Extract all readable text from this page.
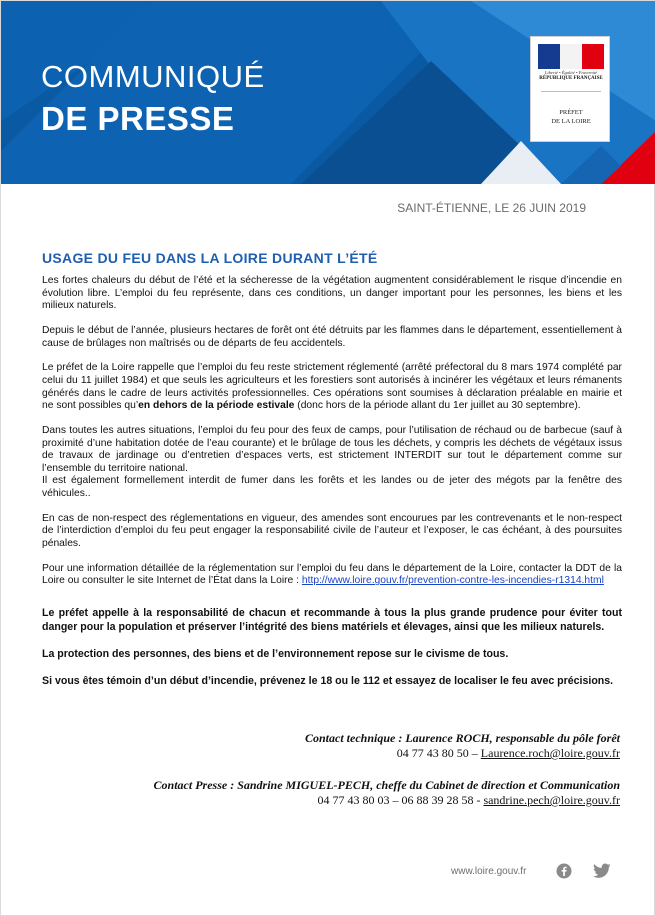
COMMUNIQUÉ
DE PRESSE
Liberté • Égalité • Fraternité
RÉPUBLIQUE FRANÇAISE
PRÉFET
DE LA LOIRE
SAINT-ÉTIENNE, LE 26 JUIN 2019
USAGE DU FEU DANS LA LOIRE DURANT L’ÉTÉ

Les fortes chaleurs du début de l’été et la sécheresse de la végétation augmentent considérablement le risque d’incendie en évolution libre. L’emploi du feu représente, dans ces conditions, un danger important pour les personnes, les biens et les milieux naturels.

Depuis le début de l’année, plusieurs hectares de forêt ont été détruits par les flammes dans le département, essentiellement à cause de brûlages non maîtrisés ou de départs de feu accidentels.

Le préfet de la Loire rappelle que l’emploi du feu reste strictement réglementé (arrêté préfectoral du 8 mars 1974 complété par celui du 11 juillet 1984) et que seuls les agriculteurs et les forestiers sont autorisés à incinérer les végétaux et leurs rémanents générés dans le cadre de leurs activités professionnelles. Ces opérations sont soumises à déclaration préalable en mairie et ne sont possibles qu’en dehors de la période estivale (donc hors de la période allant du 1er juillet au 30 septembre).

Dans toutes les autres situations, l’emploi du feu pour des feux de camps, pour l’utilisation de réchaud ou de barbecue (sauf à proximité d’une habitation dotée de l’eau courante) et le brûlage de tous les déchets, y compris les déchets de végétaux issus de travaux de jardinage ou d’entretien d’espaces verts, est strictement INTERDIT sur tout le département comme sur l’ensemble du territoire national.

Il est également formellement interdit de fumer dans les forêts et les landes ou de jeter des mégots par la fenêtre des véhicules..

En cas de non-respect des réglementations en vigueur, des amendes sont encourues par les contrevenants et le non-respect de l’interdiction d’emploi du feu peut engager la responsabilité civile de l’auteur et l’exposer, le cas échéant, à des poursuites pénales.

Pour une information détaillée de la réglementation sur l’emploi du feu dans le département de la Loire, contacter la DDT de la Loire ou consulter le site Internet de l’État dans la Loire : http://www.loire.gouv.fr/prevention-contre-les-incendies-r1314.html

Le préfet appelle à la responsabilité de chacun et recommande à tous la plus grande prudence pour éviter tout danger pour la population et préserver l’intégrité des biens matériels et élevages, ainsi que les milieux naturels.

La protection des personnes, des biens et de l’environnement repose sur le civisme de tous.

Si vous êtes témoin d’un début d’incendie, prévenez le 18 ou le 112 et essayez de localiser le feu avec précisions.

Contact technique : Laurence ROCH, responsable du pôle forêt
04 77 43 80 50 – Laurence.roch@loire.gouv.fr
Contact Presse : Sandrine MIGUEL-PECH, cheffe du Cabinet de direction et Communication
04 77 43 80 03 – 06 88 39 28 58 - sandrine.pech@loire.gouv.fr
www.loire.gouv.fr
